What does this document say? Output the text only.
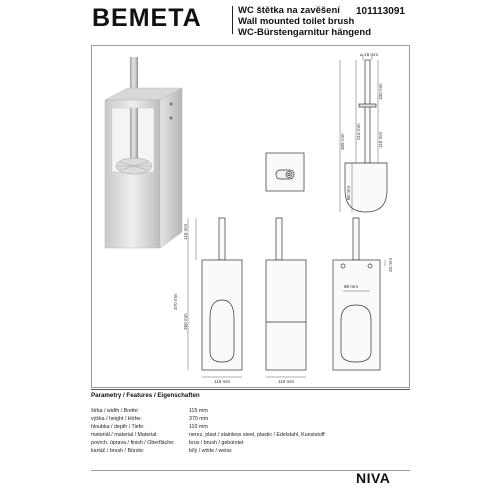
BEMETA	WC štětka na zavěšení
Wall mounted toilet brush
WC-Bürstengarnitur hängend
101113091
⌀ 16 mm
100 mm
215 mm
305 mm	110 mm
80 mm
110 mm
370 mm
260 mm
115 mm	110 mm
88 mm
20 mm
Parametry / Features / Eigenschaften
šírka / width / Breite:	115 mm
výška / height / Höhe:	370 mm
hloubka / depth / Tiefe:	110 mm
materiál / material / Material:	nerez, plast / stainless steel, plastic / Edelstahl, Kunststoff
povrch. úprava / finish / Oberfläche:	brus / brush / gebürstet
kartáč / brush / Bürste:	bílý / white / weiss
NIVA
